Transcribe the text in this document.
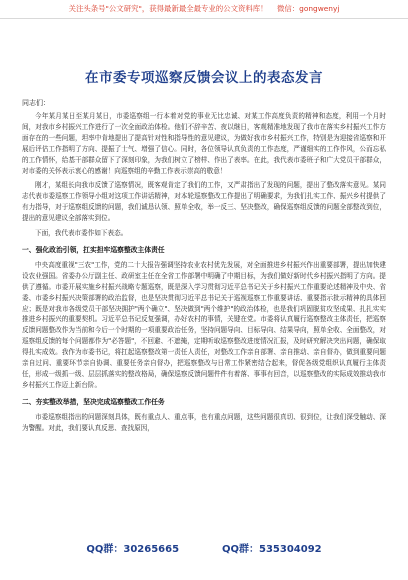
关注头条号"公文研究"，获得最新最全最专业的公文资料库！ 微信：gongwenyj
在市委专项巡察反馈会议上的表态发言
同志们：

今年某月某日至某月某日，市委巡察组一行本着对党的事业无比忠诚、对某工作高度负责的精神和态度，利用一个月时间，对我市乡村振兴工作进行了一次全面政治体检。他们不辞辛苦、夜以继日，客观精准地发现了我市在落实乡村振兴工作方面存在的一些问题，坦率中肯地提出了提高针对性和指导性的意见建议，为做好我市乡村振兴工作，特别是为迎接省巡察和开展后评估工作指明了方向、提振了士气、增强了信心。同时，各位领导认真负责的工作态度，严谨细实的工作作风，公而忘私的工作情怀，给基干部群众留下了深刻印象，为我们树立了榜样、作出了表率。在此，我代表市委班子和广大党员干部群众，对市委的关怀表示衷心的感谢！向巡察组的辛勤工作表示崇高的敬意！

刚才，某组长向我市反馈了巡察情况，既客观肯定了我们的工作，又严肃指出了发现的问题，提出了整改落实意见。某同志代表市委巡察工作领导小组对这项工作讲话精神，对本轮巡察整改工作提出了明确要求，为我们扎实工作、振兴乡村提供了有力指导，对于巡察组反馈的问题，我们诚恳认领、照单全收，举一反三、坚决整改，确保巡察组反馈的问题全部整改到位，提出的意见建议全部落实到位。

下面，我代表市委作如下表态。

一、强化政治引领，扛实担牢巡察整改主体责任

中央高度重视"三农"工作，党的二十大报告强调坚持农业农村优先发展，对全面推进乡村振兴作出重要部署，提出加快建设农业强国。省委办公厅副主任、政研室主任在全省工作部署中明确了中期目标，为我们做好新时代乡村振兴指明了方向。提供了遵循。市委开展实施乡村振兴战略专题巡察，既是深入学习贯彻习近平总书记关于乡村振兴工作重要论述精神及中央、省委、市委乡村振兴决策部署的政治监督，也是坚决贯彻习近平总书记关于巡视巡察工作重要讲话、重要指示批示精神的具体回应；既是对我市各级党员干部坚决拥护"两个确立"、坚决做到"两个维护"的政治体检，也是我们巩固脱贫攻坚成果、扎扎实实推进乡村振兴的重要契机。习近平总书记反复强调，办好农村的事情，关键在党。市委将认真履行巡察整改主体责任，把巡察反馈问题整改作为当前和今后一个时期的一项重要政治任务，坚持问题导向、目标导向、结果导向，照单全收、全面整改，对巡察组反馈的每个问题都作为"必答题"，不回避、不遮掩，定期听取巡察整改进度情况汇报，及时研究解决突出问题，确保取得扎实成效。我作为市委书记，将扛起巡察整改第一责任人责任，对整改工作亲自部署、亲自推动、亲自督办，做到重要问题亲自过问、重要环节亲自协调、重要任务亲自督办，把巡察整改与日常工作紧密结合起来，督促各级党组织认真履行主体责任，形成一级抓一级、层层抓落实的整改格局，确保巡察反馈问题件件有着落、事事有回音，以巡察整改的实际成效推动我市乡村振兴工作迈上新台阶。

二、夯实整改举措，坚决完成巡察整改工作任务

市委巡察组指出的问题深刻具体，既有重点人、重点事，也有重点问题，这些问题很真切、很到位，让我们深受触动、深为警醒。对此，我们要认真反思、查找原因，

QQ群：30265665	QQ群：535304092
